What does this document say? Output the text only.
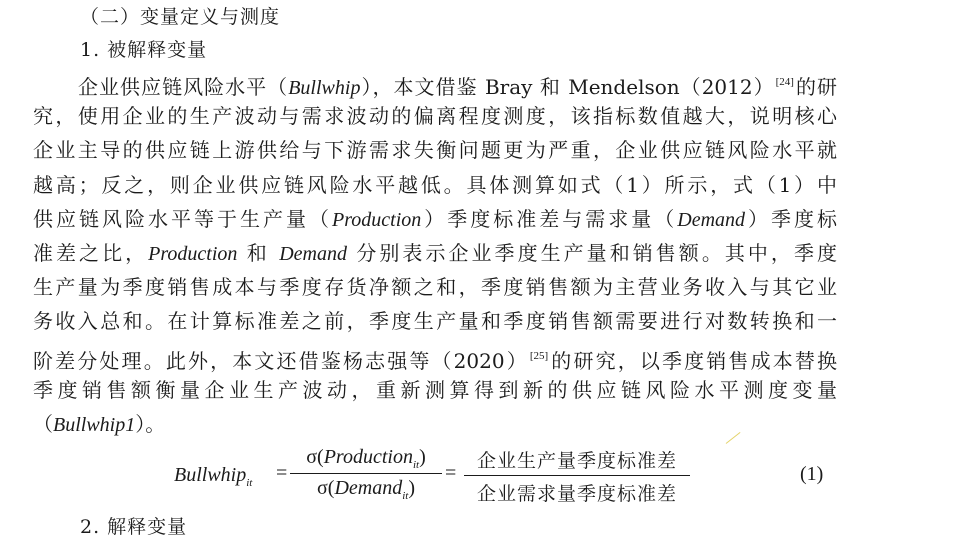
（二）变量定义与测度
1. 被解释变量
企业供应链风险水平（Bullwhip），本文借鉴 Bray 和 Mendelson（2012）[24]的研
究，使用企业的生产波动与需求波动的偏离程度测度，该指标数值越大，说明核心
企业主导的供应链上游供给与下游需求失衡问题更为严重，企业供应链风险水平就
越高；反之，则企业供应链风险水平越低。具体测算如式（1）所示，式（1）中
供应链风险水平等于生产量（Production）季度标准差与需求量（Demand）季度标
准差之比，Production 和 Demand 分别表示企业季度生产量和销售额。其中，季度
生产量为季度销售成本与季度存货净额之和，季度销售额为主营业务收入与其它业
务收入总和。在计算标准差之前，季度生产量和季度销售额需要进行对数转换和一
阶差分处理。此外，本文还借鉴杨志强等（2020）[25]的研究，以季度销售成本替换
季度销售额衡量企业生产波动，重新测算得到新的供应链风险水平测度变量
（Bullwhip1）。
Bullwhip$_{it}$ =
σ(Production$_{it}$)
σ(Demand$_{it}$)
=
企业生产量季度标准差
企业需求量季度标准差
(1)
2. 解释变量
